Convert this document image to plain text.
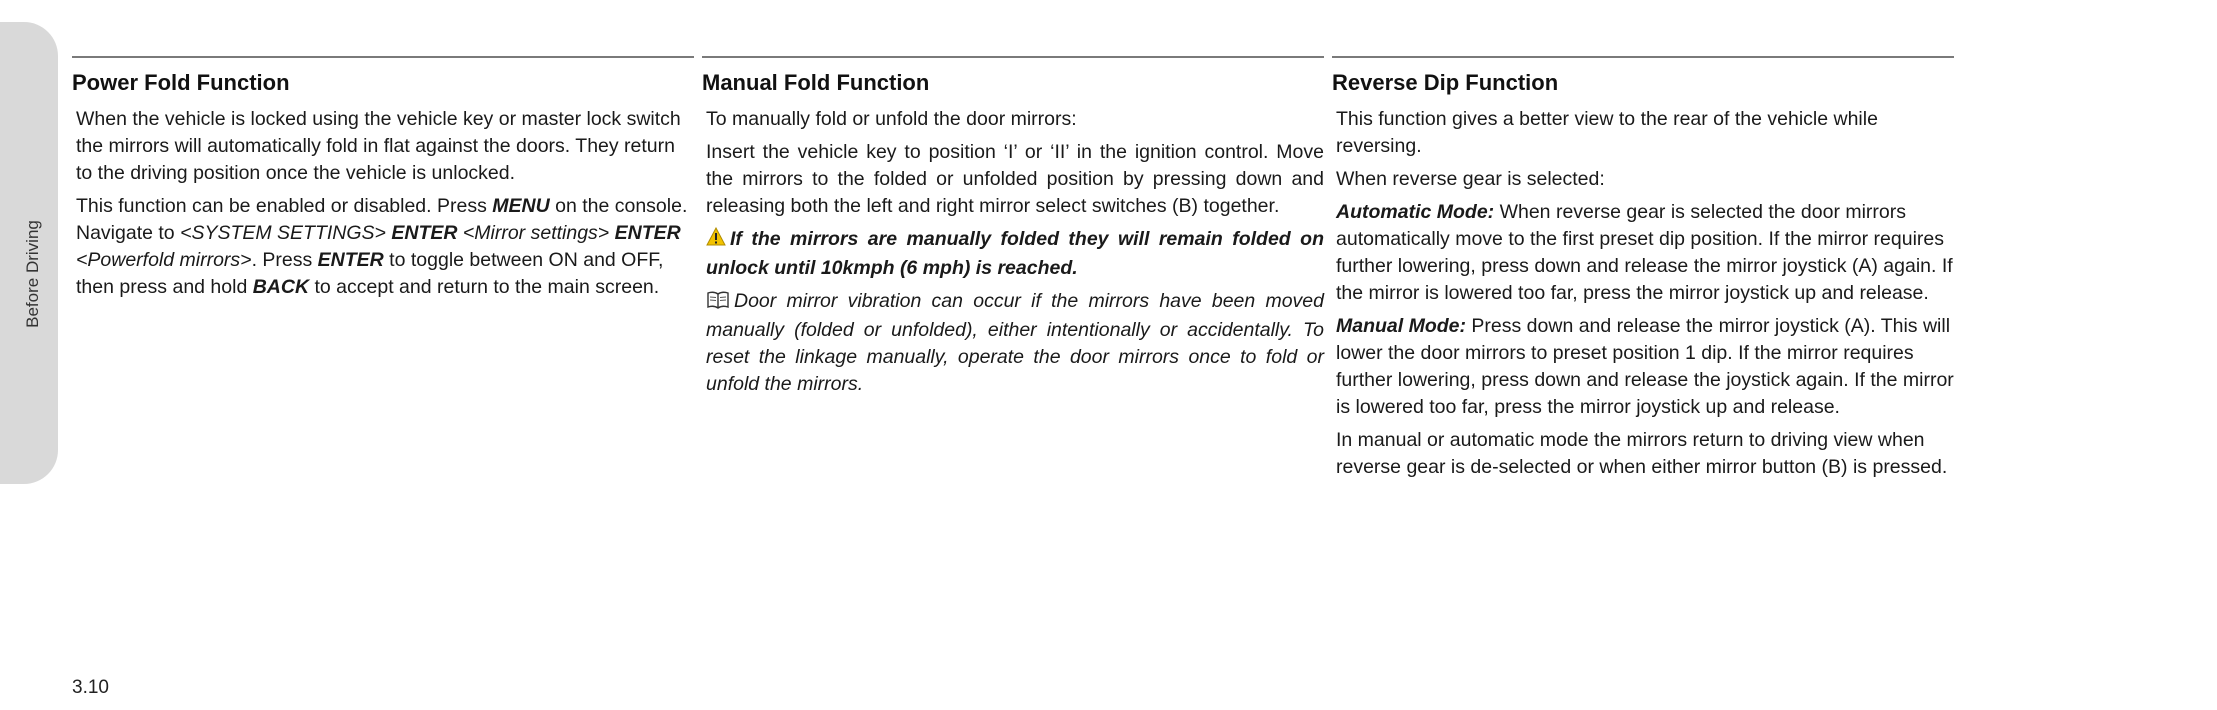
Before Driving
Power Fold Function

When the vehicle is locked using the vehicle key or master lock switch the mirrors will automatically fold in flat against the doors. They return to the driving position once the vehicle is unlocked.

This function can be enabled or disabled. Press MENU on the console. Navigate to <SYSTEM SETTINGS> ENTER <Mirror settings> ENTER <Powerfold mirrors>. Press ENTER to toggle between ON and OFF, then press and hold BACK to accept and return to the main screen.

Manual Fold Function

To manually fold or unfold the door mirrors:

Insert the vehicle key to position ‘I’ or ‘II’ in the ignition control. Move the mirrors to the folded or unfolded position by pressing down and releasing both the left and right mirror select switches (B) together.

If the mirrors are manually folded they will remain folded on unlock until 10kmph (6 mph) is reached.

Door mirror vibration can occur if the mirrors have been moved manually (folded or unfolded), either intentionally or accidentally. To reset the linkage manually, operate the door mirrors once to fold or unfold the mirrors.

Reverse Dip Function

This function gives a better view to the rear of the vehicle while reversing.

When reverse gear is selected:

Automatic Mode: When reverse gear is selected the door mirrors automatically move to the first preset dip position. If the mirror requires further lowering, press down and release the mirror joystick (A) again. If the mirror is lowered too far, press the mirror joystick up and release.

Manual Mode: Press down and release the mirror joystick (A). This will lower the door mirrors to preset position 1 dip. If the mirror requires further lowering, press down and release the joystick again. If the mirror is lowered too far, press the mirror joystick up and release.

In manual or automatic mode the mirrors return to driving view when reverse gear is de-selected or when either mirror button (B) is pressed.

3.10
